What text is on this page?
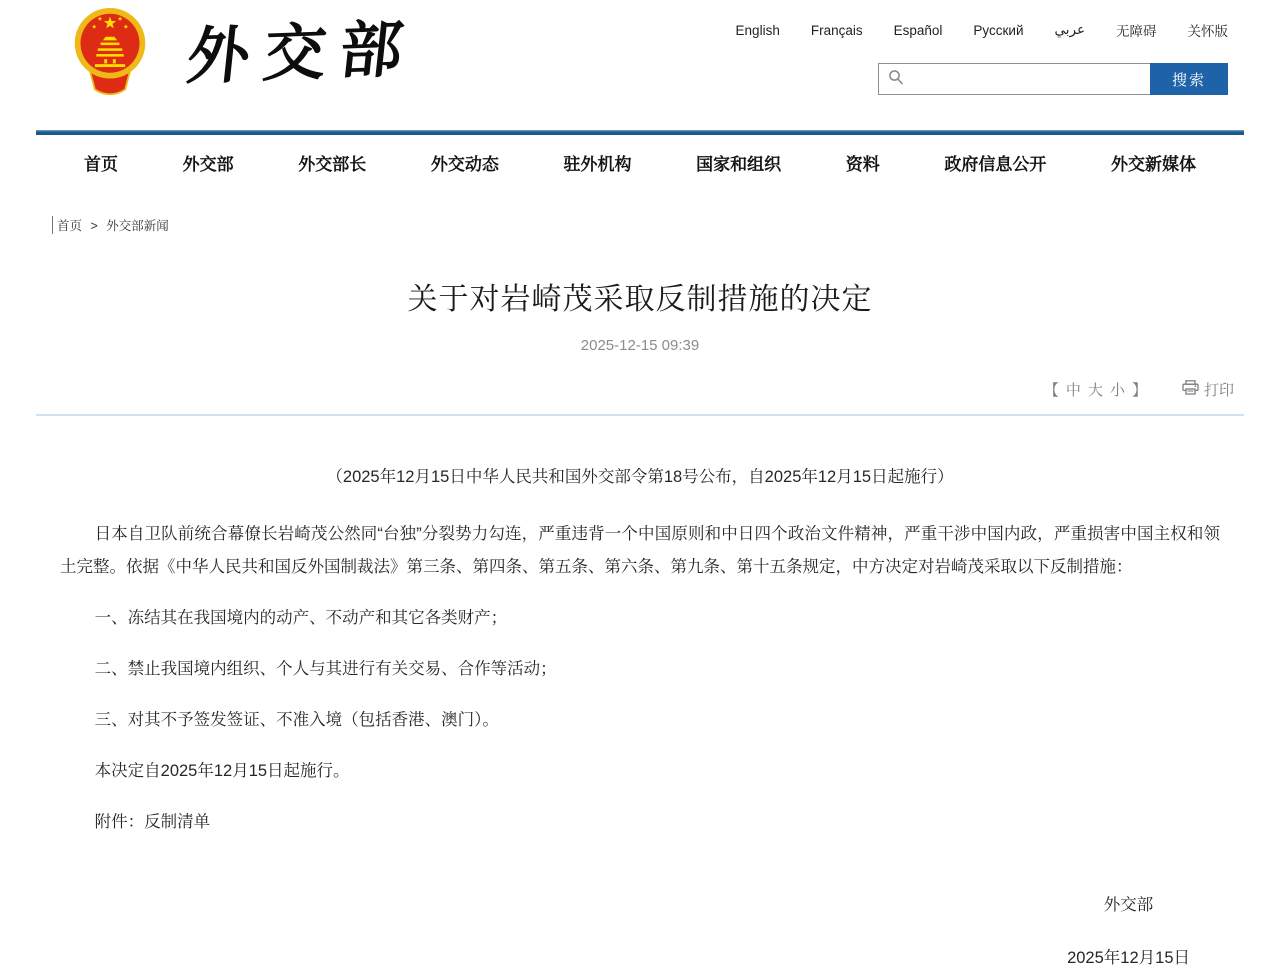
外交部	English Français Español Русский عربي 无障碍 关怀版
搜索
首页	外交部	外交部长	外交动态	驻外机构	国家和组织	资料	政府信息公开	外交新媒体
首页 > 外交部新闻
关于对岩崎茂采取反制措施的决定
2025-12-15 09:39
【 中 大 小 】	打印

（2025年12月15日中华人民共和国外交部令第18号公布，自2025年12月15日起施行）

日本自卫队前统合幕僚长岩崎茂公然同“台独”分裂势力勾连，严重违背一个中国原则和中日四个政治文件精神，严重干涉中国内政，严重损害中国主权和领土完整。依据《中华人民共和国反外国制裁法》第三条、第四条、第五条、第六条、第九条、第十五条规定，中方决定对岩崎茂采取以下反制措施：

一、冻结其在我国境内的动产、不动产和其它各类财产；

二、禁止我国境内组织、个人与其进行有关交易、合作等活动；

三、对其不予签发签证、不准入境（包括香港、澳门）。

本决定自2025年12月15日起施行。

附件：反制清单

外交部
2025年12月15日
